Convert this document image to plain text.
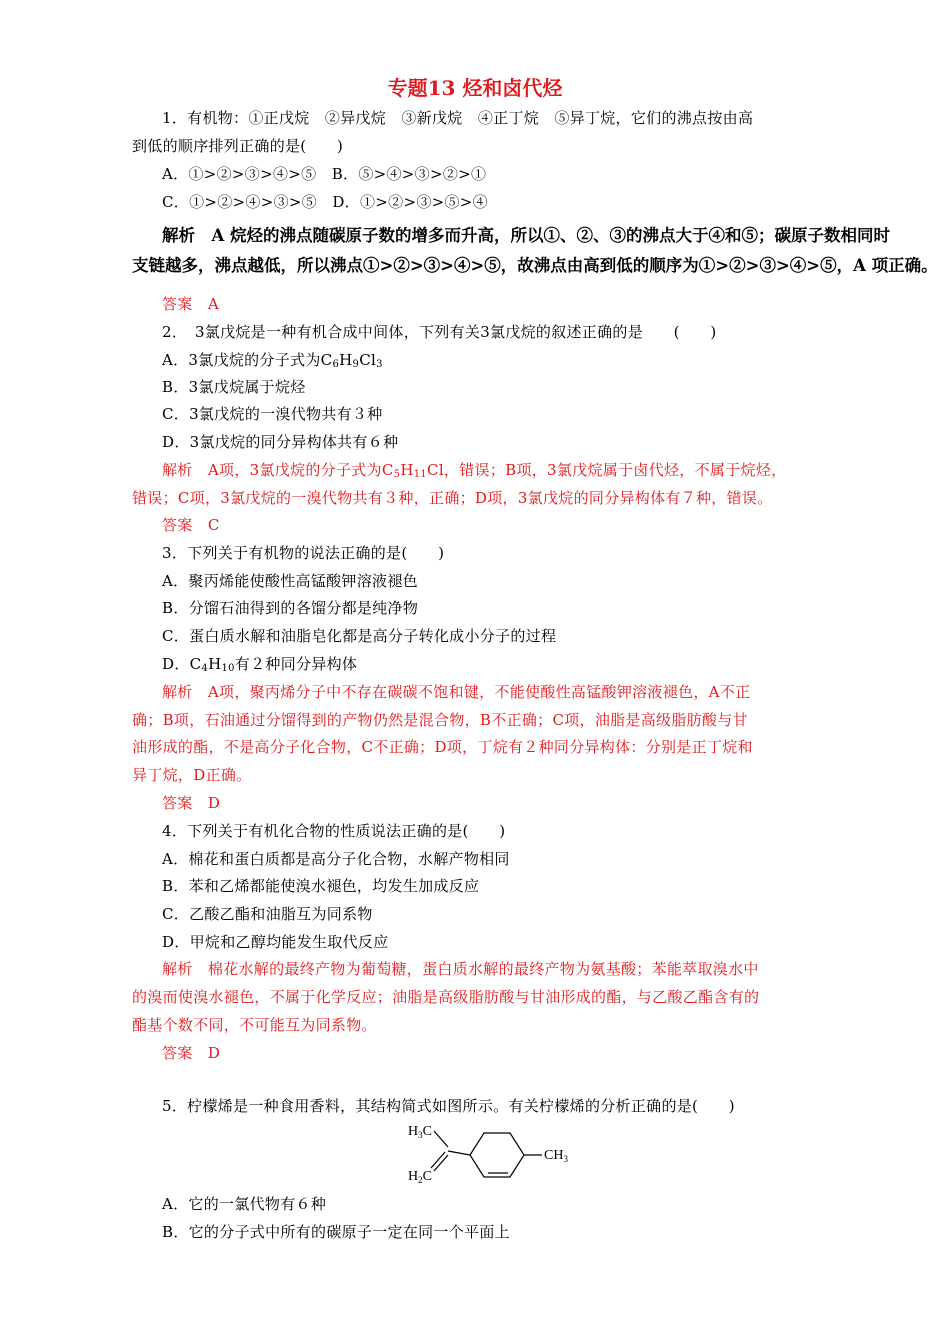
专题13 烃和卤代烃
1．有机物：①正戊烷　②异戊烷　③新戊烷　④正丁烷　⑤异丁烷，它们的沸点按由高
到低的顺序排列正确的是(　　)
A．①>②>③>④>⑤　B．⑤>④>③>②>①
C．①>②>④>③>⑤　D．①>②>③>⑤>④
解析　A 烷烃的沸点随碳原子数的增多而升高，所以①、②、③的沸点大于④和⑤；碳原子数相同时
支链越多，沸点越低，所以沸点①>②>③>④>⑤，故沸点由高到低的顺序为①>②>③>④>⑤，A 项正确。
答案　A
2．　3氯戊烷是一种有机合成中间体，下列有关3氯戊烷的叙述正确的是　　(　　)
A．3氯戊烷的分子式为$C_6H_9Cl_3$
B．3氯戊烷属于烷烃
C．3氯戊烷的一溴代物共有３种
D．3氯戊烷的同分异构体共有６种
解析　A项，3氯戊烷的分子式为$C_5H_{11}Cl$，错误；B项，3氯戊烷属于卤代烃，不属于烷烃，
错误；C项，3氯戊烷的一溴代物共有３种，正确；D项，3氯戊烷的同分异构体有７种，错误。
答案　C
3．下列关于有机物的说法正确的是(　　)
A．聚丙烯能使酸性高锰酸钾溶液褪色
B．分馏石油得到的各馏分都是纯净物
C．蛋白质水解和油脂皂化都是高分子转化成小分子的过程
D．$C_4H_{10}$有２种同分异构体
解析　A项，聚丙烯分子中不存在碳碳不饱和键，不能使酸性高锰酸钾溶液褪色，A不正
确；B项，石油通过分馏得到的产物仍然是混合物，B不正确；C项，油脂是高级脂肪酸与甘
油形成的酯，不是高分子化合物，C不正确；D项，丁烷有２种同分异构体：分别是正丁烷和
异丁烷，D正确。
答案　D
4．下列关于有机化合物的性质说法正确的是(　　)
A．棉花和蛋白质都是高分子化合物，水解产物相同
B．苯和乙烯都能使溴水褪色，均发生加成反应
C．乙酸乙酯和油脂互为同系物
D．甲烷和乙醇均能发生取代反应
解析　棉花水解的最终产物为葡萄糖，蛋白质水解的最终产物为氨基酸；苯能萃取溴水中
的溴而使溴水褪色，不属于化学反应；油脂是高级脂肪酸与甘油形成的酯，与乙酸乙酯含有的
酯基个数不同，不可能互为同系物。
答案　D
5．柠檬烯是一种食用香料，其结构简式如图所示。有关柠檬烯的分析正确的是(　　)
$H_3C$
$H_2C$
$CH_3$
A．它的一氯代物有６种
B．它的分子式中所有的碳原子一定在同一个平面上
